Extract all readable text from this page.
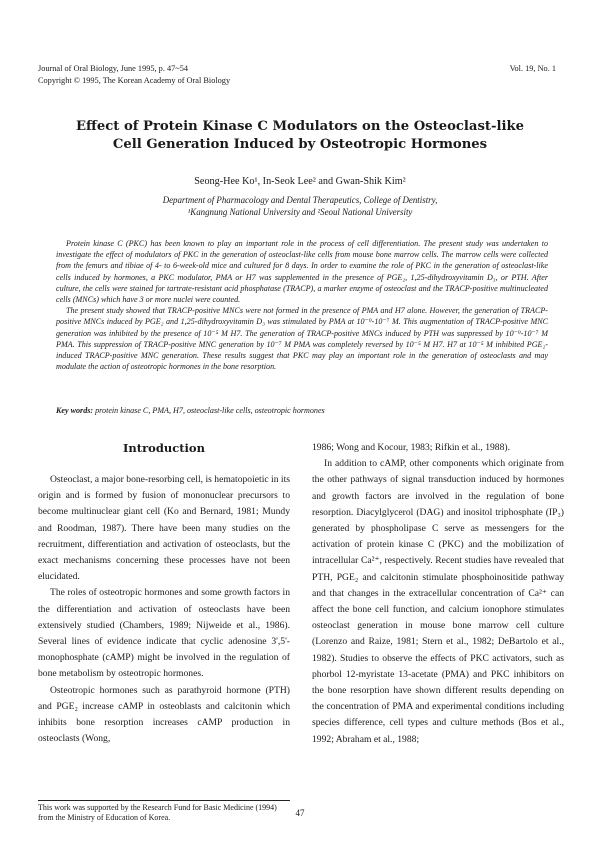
Journal of Oral Biology, June 1995, p. 47~54
Copyright © 1995, The Korean Academy of Oral Biology
Vol. 19, No. 1
Effect of Protein Kinase C Modulators on the Osteoclast-like
Cell Generation Induced by Osteotropic Hormones
Seong-Hee Ko¹, In-Seok Lee² and Gwan-Shik Kim²
Department of Pharmacology and Dental Therapeutics, College of Dentistry,
¹Kangnung National University and ²Seoul National University

Protein kinase C (PKC) has been known to play an important role in the process of cell differentiation. The present study was undertaken to investigate the effect of modulators of PKC in the generation of osteoclast-like cells from mouse bone marrow cells. The marrow cells were collected from the femurs and tibiae of 4- to 6-week-old mice and cultured for 8 days. In order to examine the role of PKC in the generation of osteoclast-like cells induced by hormones, a PKC modulator, PMA or H7 was supplemented in the presence of PGE₂, 1,25-dihydroxyvitamin D₃, or PTH. After culture, the cells were stained for tartrate-resistant acid phosphatase (TRACP), a marker enzyme of osteoclast and the TRACP-positive multinucleated cells (MNCs) which have 3 or more nuclei were counted.

The present study showed that TRACP-positive MNCs were not formed in the presence of PMA and H7 alone. However, the generation of TRACP-positive MNCs induced by PGE₂ and 1,25-dihydroxyvitamin D₃ was stimulated by PMA at 10⁻⁹-10⁻⁷ M. This augmentation of TRACP-positive MNC generation was inhibited by the presence of 10⁻⁵ M H7. The generation of TRACP-positive MNCs induced by PTH was suppressed by 10⁻⁹-10⁻⁷ M PMA. This suppression of TRACP-positive MNC generation by 10⁻⁷ M PMA was completely reversed by 10⁻⁵ M H7. H7 at 10⁻⁵ M inhibited PGE₂-induced TRACP-positive MNC generation. These results suggest that PKC may play an important role in the generation of osteoclasts and may modulate the action of osteotropic hormones in the bone resorption.

Key words: protein kinase C, PMA, H7, osteoclast-like cells, osteotropic hormones
Introduction

Osteoclast, a major bone-resorbing cell, is hematopoietic in its origin and is formed by fusion of mononuclear precursors to become multinuclear giant cell (Ko and Bernard, 1981; Mundy and Roodman, 1987). There have been many studies on the recruitment, differentiation and activation of osteoclasts, but the exact mechanisms concerning these processes have not been elucidated.

The roles of osteotropic hormones and some growth factors in the differentiation and activation of osteoclasts have been extensively studied (Chambers, 1989; Nijweide et al., 1986). Several lines of evidence indicate that cyclic adenosine 3',5'-monophosphate (cAMP) might be involved in the regulation of bone metabolism by osteotropic hormones.

Osteotropic hormones such as parathyroid hormone (PTH) and PGE₂ increase cAMP in osteoblasts and calcitonin which inhibits bone resorption increases cAMP production in osteoclasts (Wong,

1986; Wong and Kocour, 1983; Rifkin et al., 1988).

In addition to cAMP, other components which originate from the other pathways of signal transduction induced by hormones and growth factors are involved in the regulation of bone resorption. Diacylglycerol (DAG) and inositol triphosphate (IP₃) generated by phospholipase C serve as messengers for the activation of protein kinase C (PKC) and the mobilization of intracellular Ca²⁺, respectively. Recent studies have revealed that PTH, PGE₂ and calcitonin stimulate phosphoinositide pathway and that changes in the extracellular concentration of Ca²⁺ can affect the bone cell function, and calcium ionophore stimulates osteoclast generation in mouse bone marrow cell culture (Lorenzo and Raize, 1981; Stern et al., 1982; DeBartolo et al., 1982). Studies to observe the effects of PKC activators, such as phorbol 12-myristate 13-acetate (PMA) and PKC inhibitors on the bone resorption have shown different results depending on the concentration of PMA and experimental conditions including species difference, cell types and culture methods (Bos et al., 1992; Abraham et al., 1988;

This work was supported by the Research Fund for Basic Medicine (1994) from the Ministry of Education of Korea.	47
